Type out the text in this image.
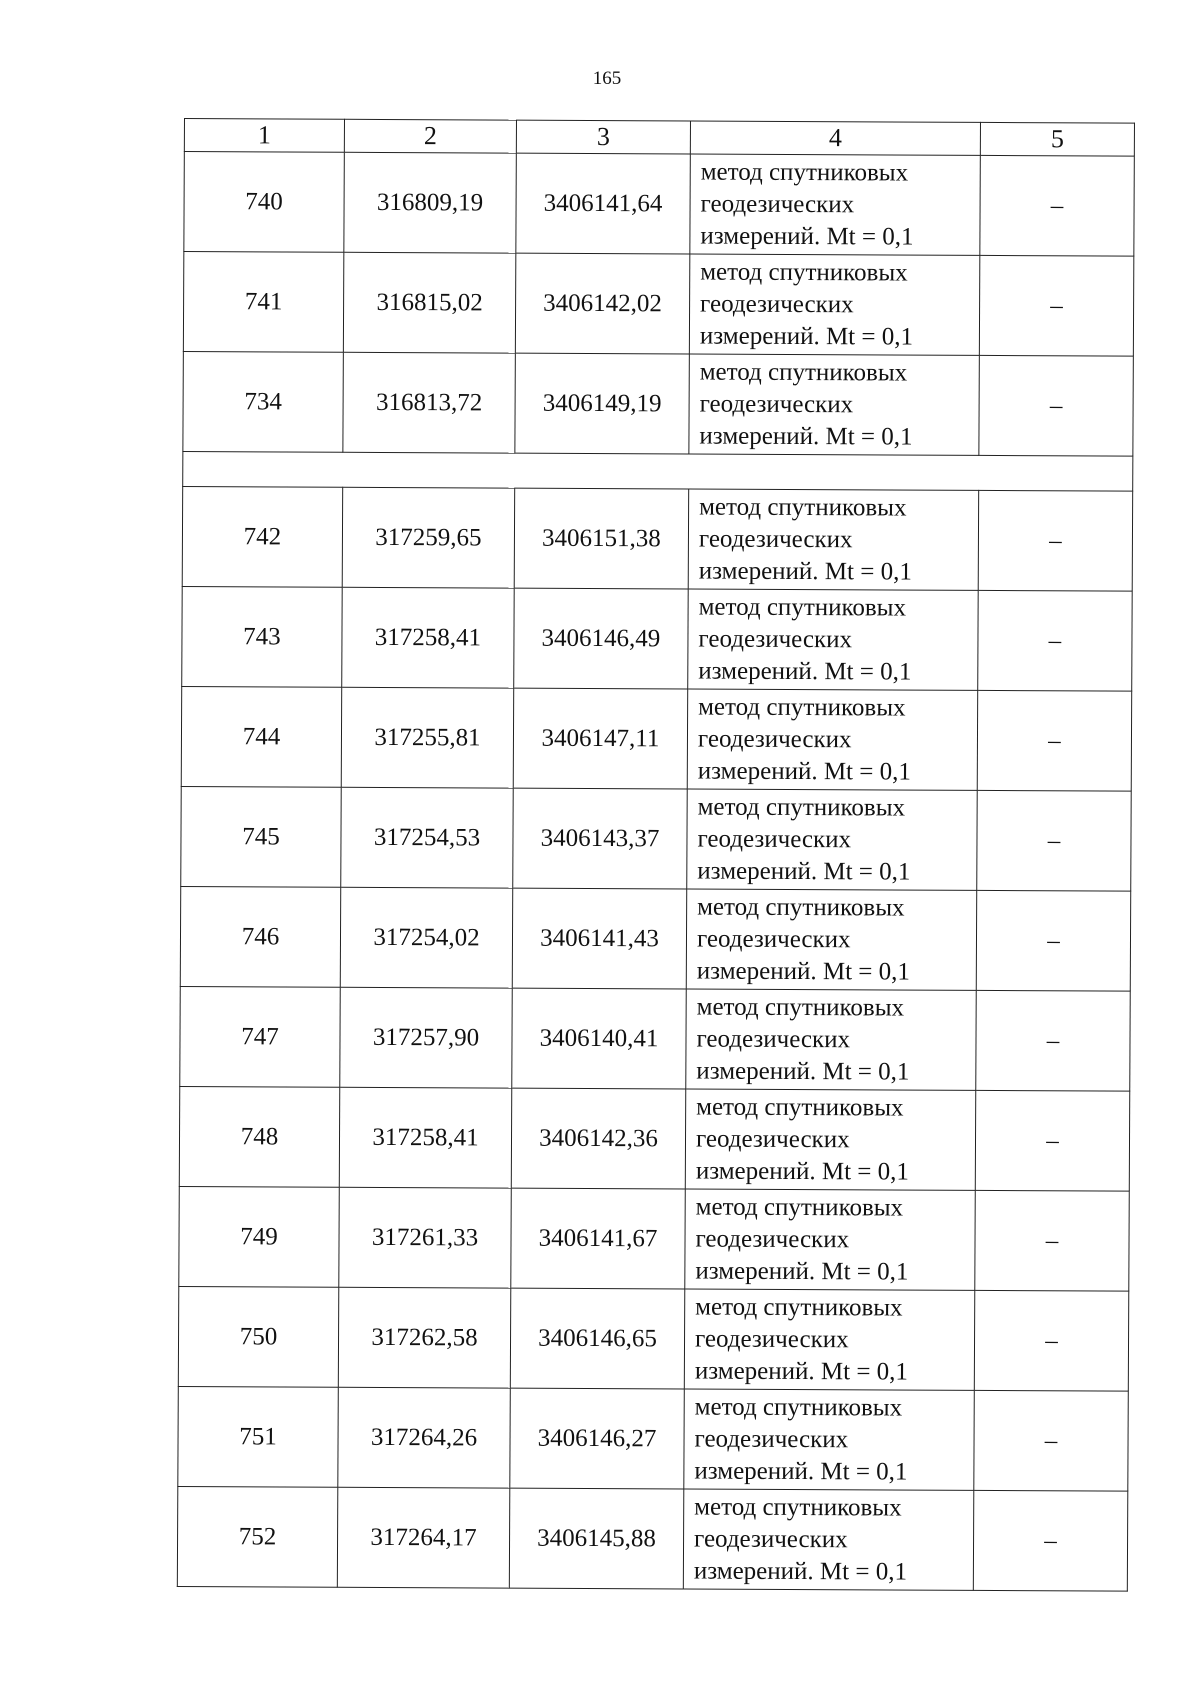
165
1	2	3	4	5
740	316809,19	3406141,64	метод спутниковых
геодезических
измерений. Mt = 0,1	–
741	316815,02	3406142,02	метод спутниковых
геодезических
измерений. Mt = 0,1	–
734	316813,72	3406149,19	метод спутниковых
геодезических
измерений. Mt = 0,1	–

742	317259,65	3406151,38	метод спутниковых
геодезических
измерений. Mt = 0,1	–
743	317258,41	3406146,49	метод спутниковых
геодезических
измерений. Mt = 0,1	–
744	317255,81	3406147,11	метод спутниковых
геодезических
измерений. Mt = 0,1	–
745	317254,53	3406143,37	метод спутниковых
геодезических
измерений. Mt = 0,1	–
746	317254,02	3406141,43	метод спутниковых
геодезических
измерений. Mt = 0,1	–
747	317257,90	3406140,41	метод спутниковых
геодезических
измерений. Mt = 0,1	–
748	317258,41	3406142,36	метод спутниковых
геодезических
измерений. Mt = 0,1	–
749	317261,33	3406141,67	метод спутниковых
геодезических
измерений. Mt = 0,1	–
750	317262,58	3406146,65	метод спутниковых
геодезических
измерений. Mt = 0,1	–
751	317264,26	3406146,27	метод спутниковых
геодезических
измерений. Mt = 0,1	–
752	317264,17	3406145,88	метод спутниковых
геодезических
измерений. Mt = 0,1	–
